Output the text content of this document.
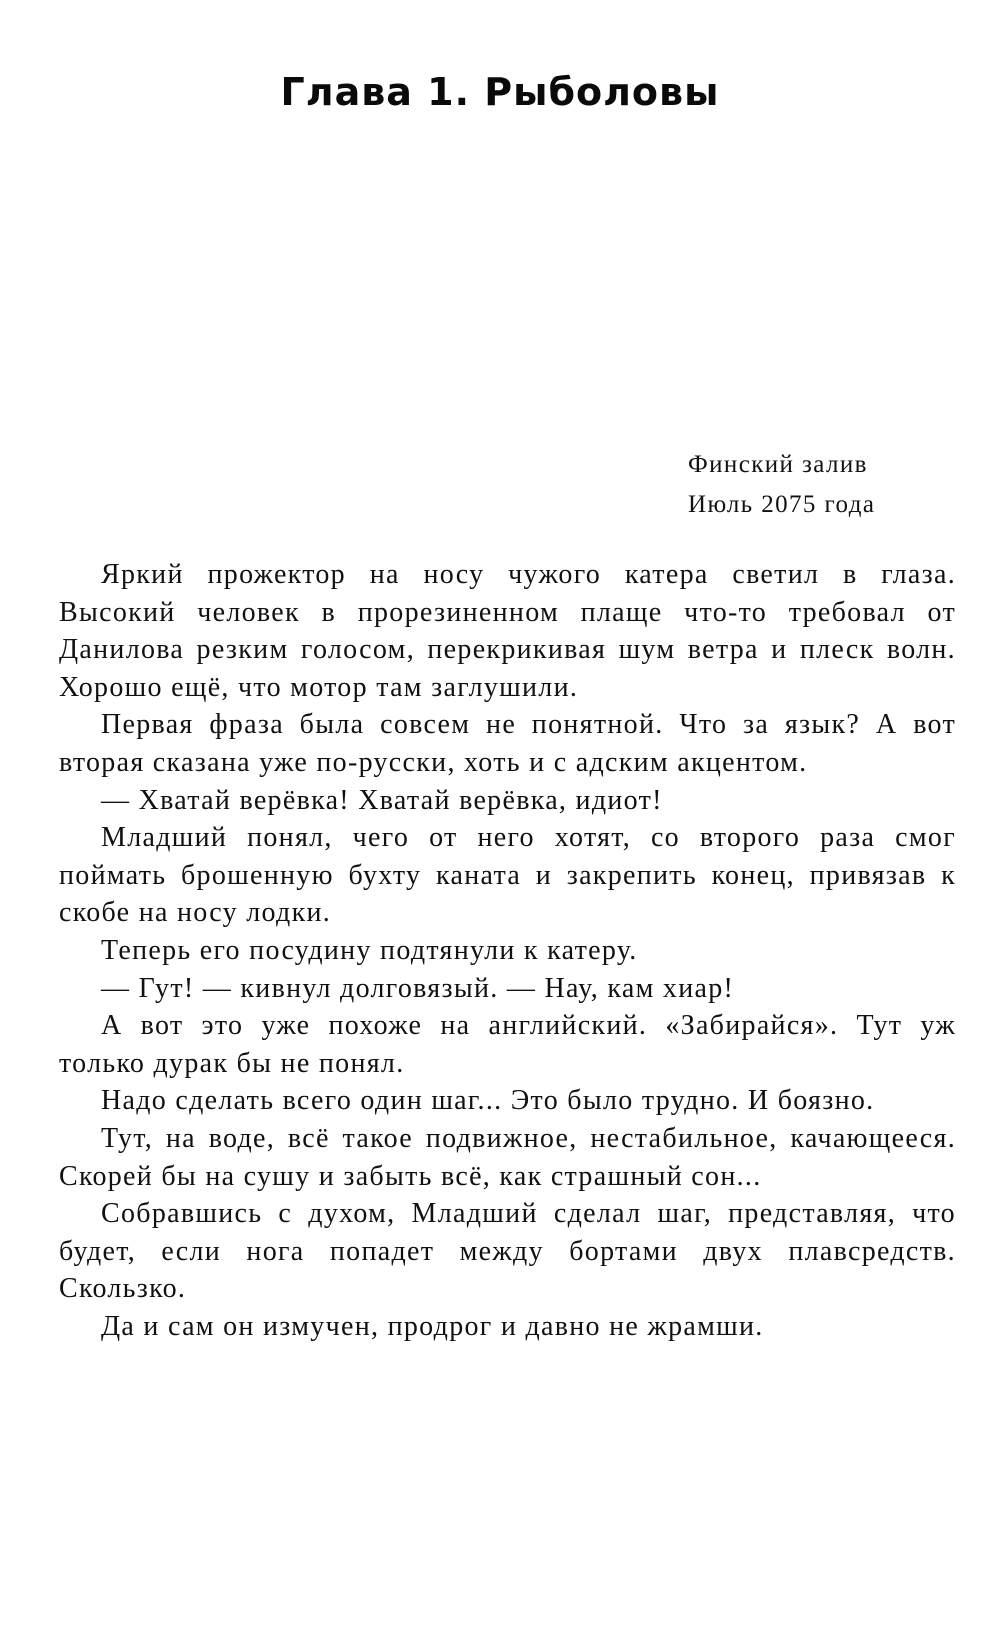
Глава 1. Рыболовы
Финский залив
Июль 2075 года

Яркий прожектор на носу чужого катера светил в глаза. Высокий человек в прорезиненном плаще что-то требовал от Данилова резким голосом, перекрикивая шум ветра и плеск волн. Хорошо ещё, что мотор там заглушили.

Первая фраза была совсем не понятной. Что за язык? А вот вторая сказана уже по-русски, хоть и с адским акцентом.

— Хватай верёвка! Хватай верёвка, идиот!

Младший понял, чего от него хотят, со второго раза смог поймать брошенную бухту каната и закрепить конец, привязав к скобе на носу лодки.

Теперь его посудину подтянули к катеру.

— Гут! — кивнул долговязый. — Нау, кам хиар!

А вот это уже похоже на английский. «Забирайся». Тут уж только дурак бы не понял.

Надо сделать всего один шаг... Это было трудно. И боязно.

Тут, на воде, всё такое подвижное, нестабильное, качающееся. Скорей бы на сушу и забыть всё, как страшный сон...

Собравшись с духом, Младший сделал шаг, представляя, что будет, если нога попадет между бортами двух плавсредств. Скользко.

Да и сам он измучен, продрог и давно не жрамши.
